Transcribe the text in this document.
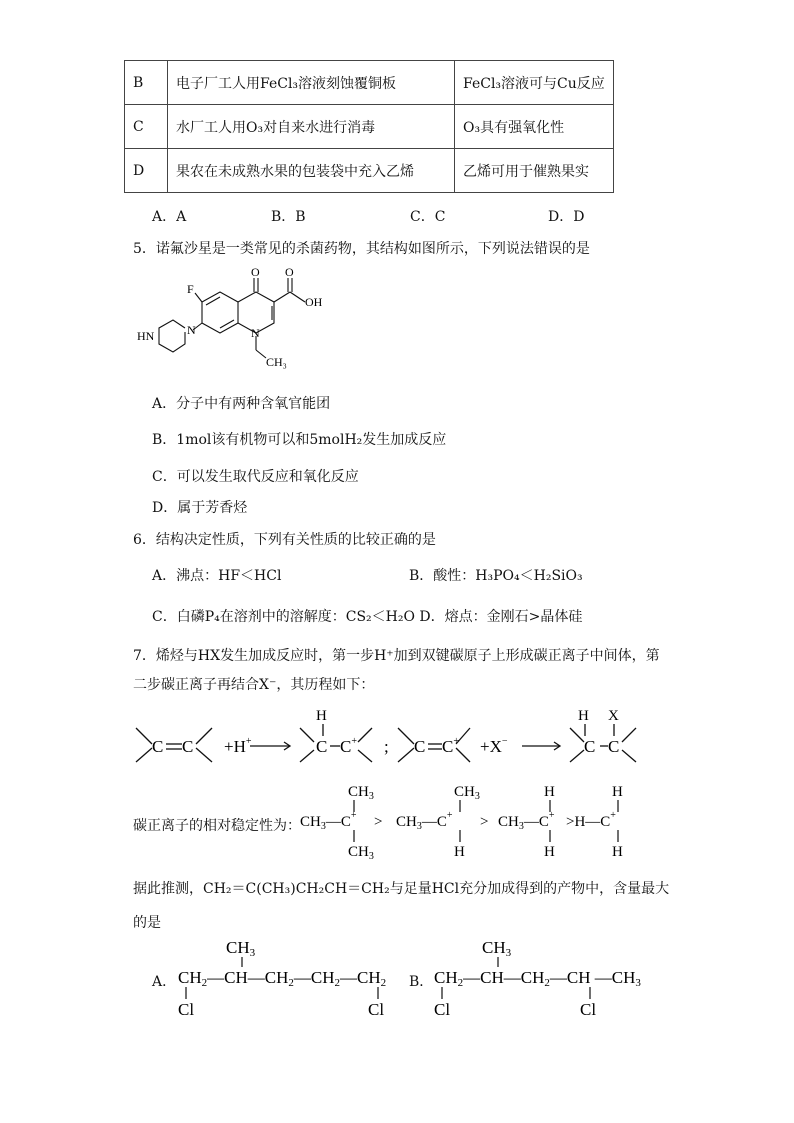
B	电子厂工人用FeCl₃溶液刻蚀覆铜板	FeCl₃溶液可与Cu反应
C	水厂工人用O₃对自来水进行消毒	O₃具有强氧化性
D	果农在未成熟水果的包装袋中充入乙烯	乙烯可用于催熟果实
A．A	B．B	C．C	D．D
5．诺氟沙星是一类常见的杀菌药物，其结构如图所示，下列说法错误的是
O O
OH
F
N
N
HN
CH₃
A．分子中有两种含氧官能团
B．1mol该有机物可以和5molH₂发生加成反应
C．可以发生取代反应和氧化反应
D．属于芳香烃
6．结构决定性质，下列有关性质的比较正确的是
A．沸点：HF＜HCl	B．酸性：H₃PO₄＜H₂SiO₃
C．白磷P₄在溶剂中的溶解度：CS₂＜H₂O D．熔点：金刚石>晶体硅
7．烯烃与HX发生加成反应时，第一步H⁺加到双键碳原子上形成碳正离子中间体，第
二步碳正离子再结合X⁻，其历程如下：
C C +H+
H
C C+ ; C C+ +X−
H X
C C
碳正离子的相对稳定性为：
$CH_3$
$CH_3—C^+$
$CH_3$
>
$CH_3$
$CH_3—C^+$
H
>
H
$CH_3—C^+$
H
>H—C+
H
H
据此推测，CH₂＝C(CH₃)CH₂CH＝CH₂与足量HCl充分加成得到的产物中，含量最大
的是
A．
CH3
CH2—CH—CH2—CH2—CH2
Cl	Cl
B．
CH3
CH2—CH—CH2—CH —CH3
Cl	Cl
